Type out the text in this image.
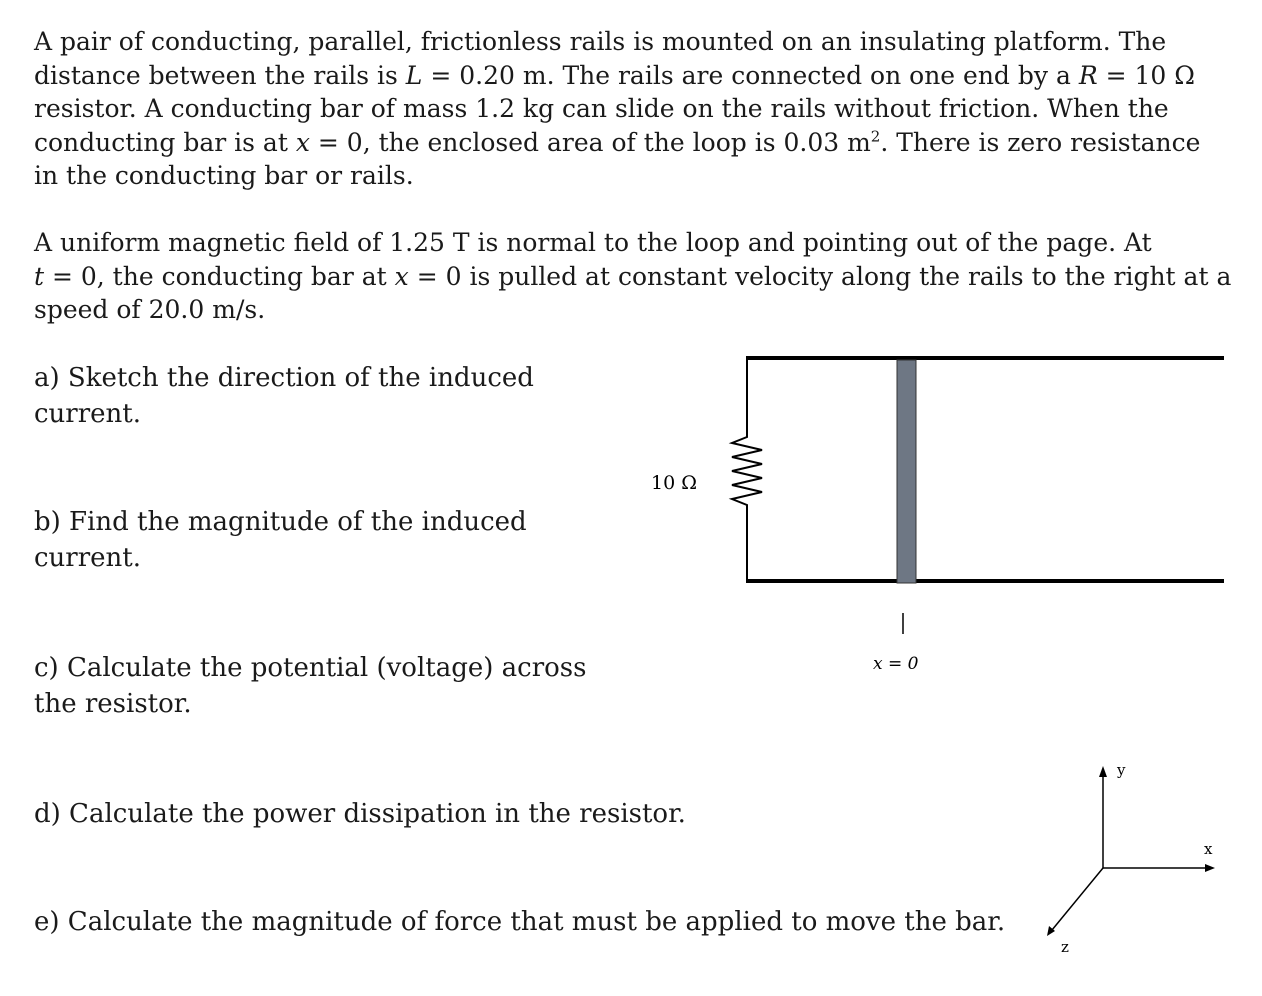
A pair of conducting, parallel, frictionless rails is mounted on an insulating platform. The
distance between the rails is L = 0.20 m. The rails are connected on one end by a R = 10 Ω
resistor. A conducting bar of mass 1.2 kg can slide on the rails without friction. When the
conducting bar is at x = 0, the enclosed area of the loop is 0.03 $m^2$. There is zero resistance
in the conducting bar or rails.
A uniform magnetic field of 1.25 T is normal to the loop and pointing out of the page. At
t = 0, the conducting bar at x = 0 is pulled at constant velocity along the rails to the right at a
speed of 20.0 m/s.

a) Sketch the direction of the induced current.

b) Find the magnitude of the induced current.

c) Calculate the potential (voltage) across the resistor.

d) Calculate the power dissipation in the resistor.

e) Calculate the magnitude of force that must be applied to move the bar.

10 Ω
x = 0
y
x
z
